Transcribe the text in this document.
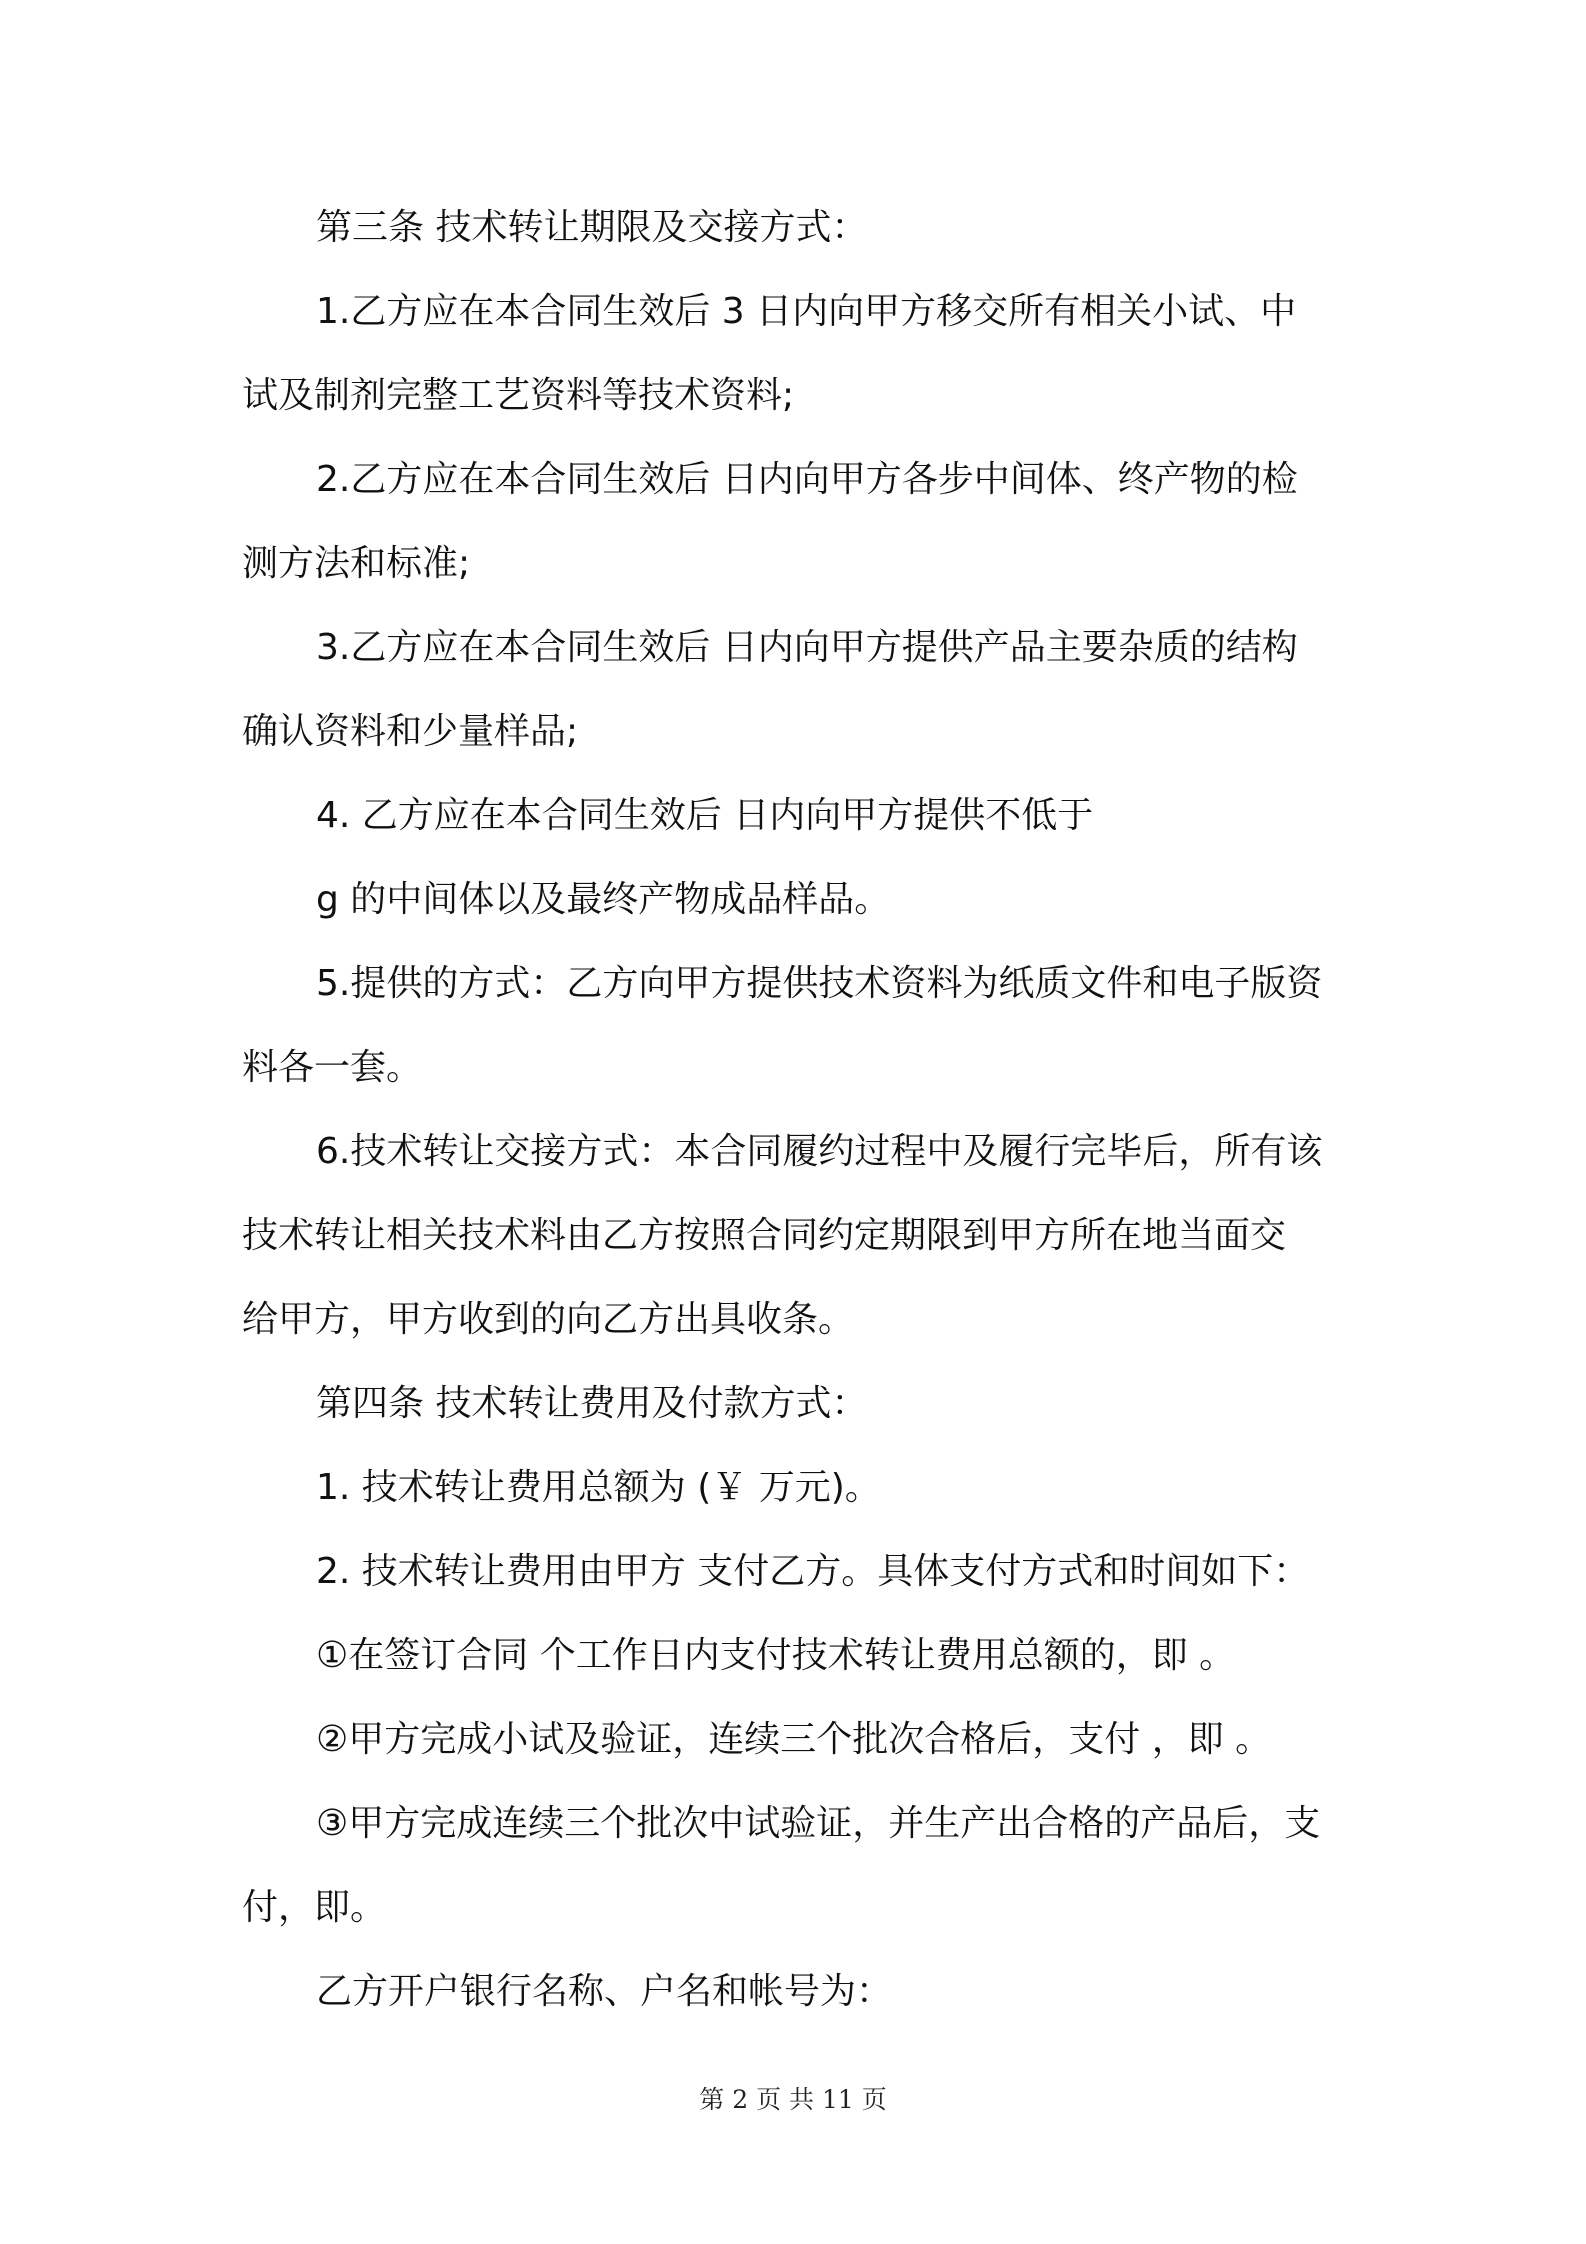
第三条 技术转让期限及交接方式：
1.乙方应在本合同生效后 3 日内向甲方移交所有相关小试、中
试及制剂完整工艺资料等技术资料;
2.乙方应在本合同生效后 日内向甲方各步中间体、终产物的检
测方法和标准;
3.乙方应在本合同生效后 日内向甲方提供产品主要杂质的结构
确认资料和少量样品;
4. 乙方应在本合同生效后 日内向甲方提供不低于
g 的中间体以及最终产物成品样品。
5.提供的方式：乙方向甲方提供技术资料为纸质文件和电子版资
料各一套。
6.技术转让交接方式：本合同履约过程中及履行完毕后，所有该
技术转让相关技术料由乙方按照合同约定期限到甲方所在地当面交
给甲方，甲方收到的向乙方出具收条。
第四条 技术转让费用及付款方式：
1. 技术转让费用总额为 (￥ 万元)。
2. 技术转让费用由甲方 支付乙方。具体支付方式和时间如下：
①在签订合同 个工作日内支付技术转让费用总额的，即 。
②甲方完成小试及验证，连续三个批次合格后，支付 ，即 。
③甲方完成连续三个批次中试验证，并生产出合格的产品后，支
付，即。
乙方开户银行名称、户名和帐号为：
第 2 页 共 11 页
